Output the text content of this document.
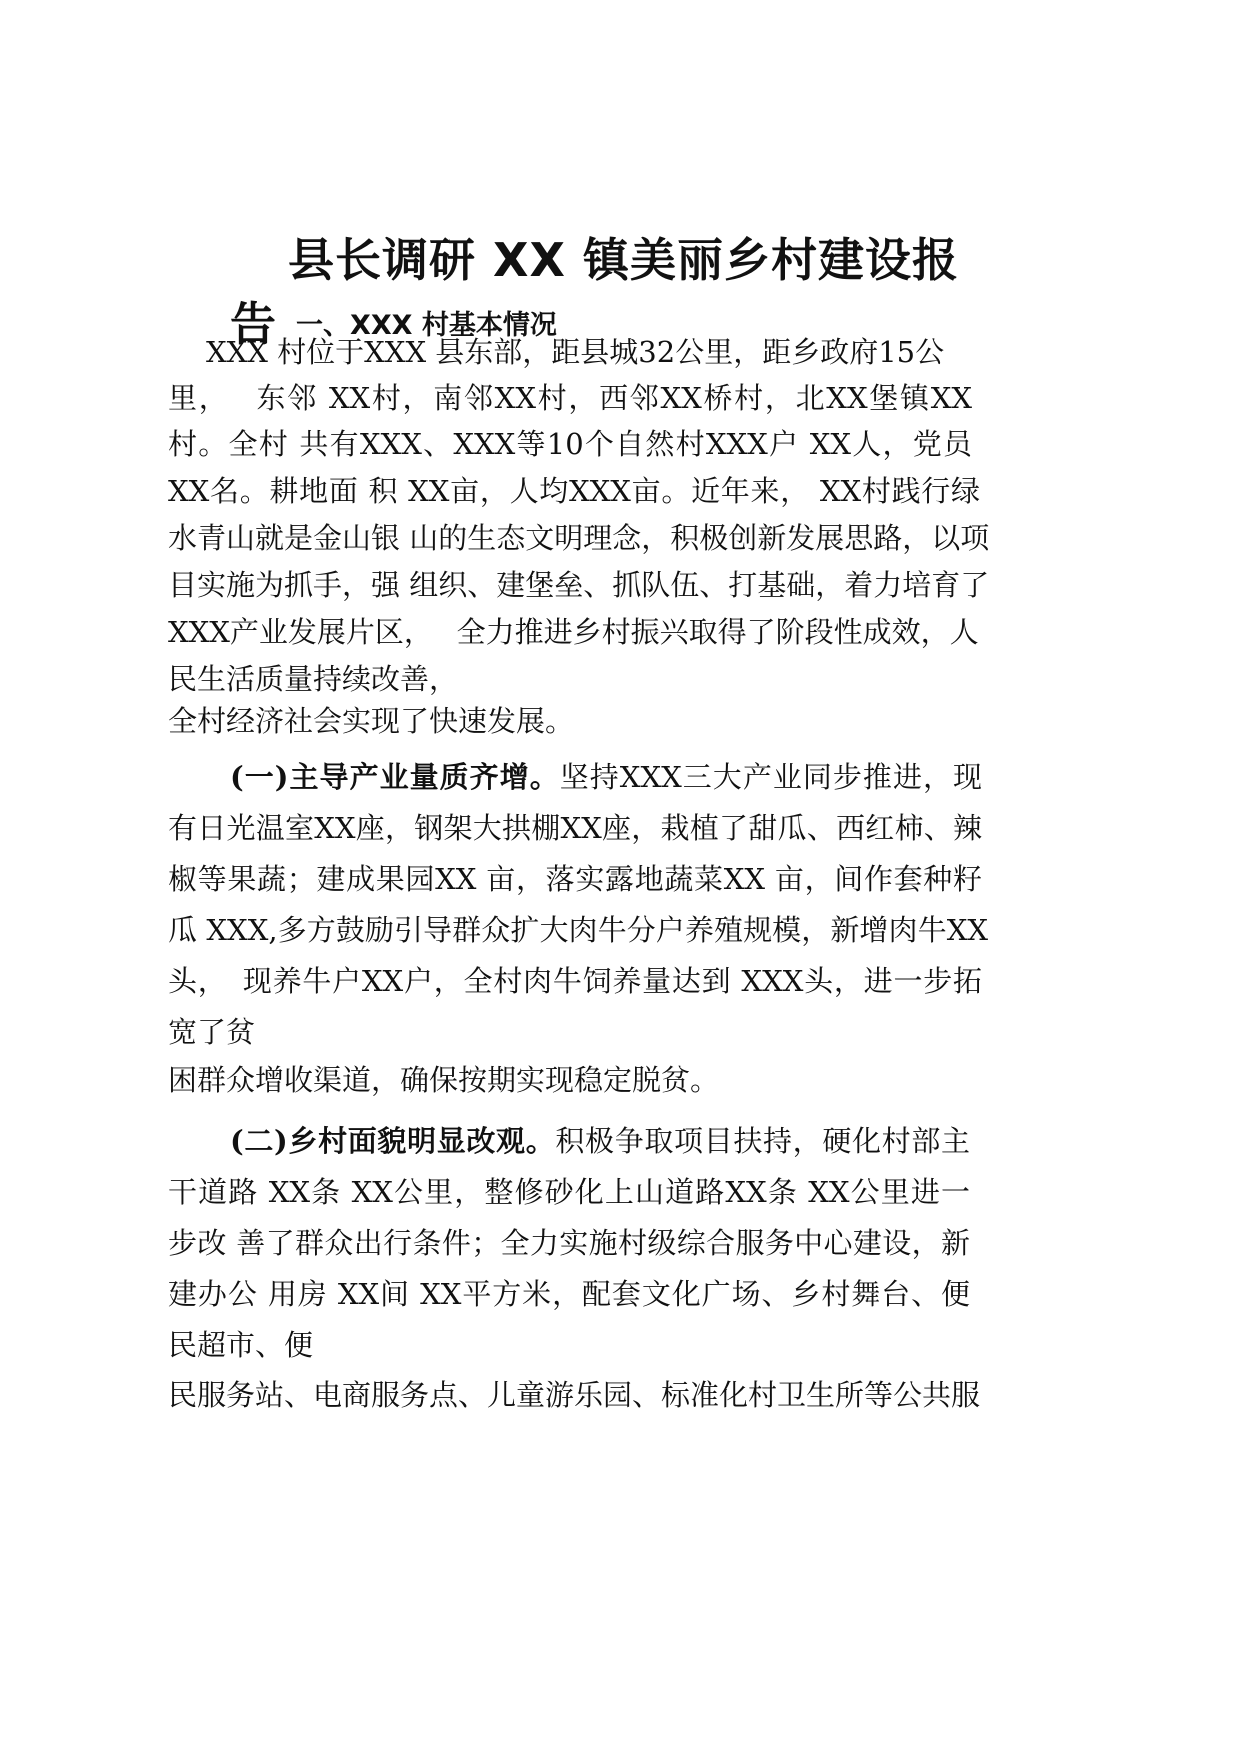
县长调研 XX 镇美丽乡村建设报
告一、XXX 村基本情况
XXX 村位于XXX 县东部，距县城32公里，距乡政府15公
里，　 东邻 XX村，南邻XX村，西邻XX桥村，北XX堡镇XX
村。全村 共有XXX、XXX等10个自然村XXX户 XX人，党员
XX名。耕地面 积 XX亩，人均XXX亩。近年来， XX村践行绿
水青山就是金山银 山的生态文明理念，积极创新发展思路，以项
目实施为抓手，强 组织、建堡垒、抓队伍、打基础，着力培育了
XXX产业发展片区，　 全力推进乡村振兴取得了阶段性成效，人
民生活质量持续改善，
全村经济社会实现了快速发展。
(一)主导产业量质齐增。坚持XXX三大产业同步推进，现
有日光温室XX座，钢架大拱棚XX座，栽植了甜瓜、西红柿、辣
椒等果蔬；建成果园XX 亩，落实露地蔬菜XX 亩，间作套种籽
瓜 XXX,多方鼓励引导群众扩大肉牛分户养殖规模，新增肉牛XX
头，　现养牛户XX户，全村肉牛饲养量达到 XXX头，进一步拓
宽了贫
困群众增收渠道，确保按期实现稳定脱贫。
(二)乡村面貌明显改观。积极争取项目扶持，硬化村部主
干道路 XX条 XX公里，整修砂化上山道路XX条 XX公里进一
步改 善了群众出行条件；全力实施村级综合服务中心建设，新
建办公 用房 XX间 XX平方米，配套文化广场、乡村舞台、便
民超市、便
民服务站、电商服务点、儿童游乐园、标准化村卫生所等公共服
